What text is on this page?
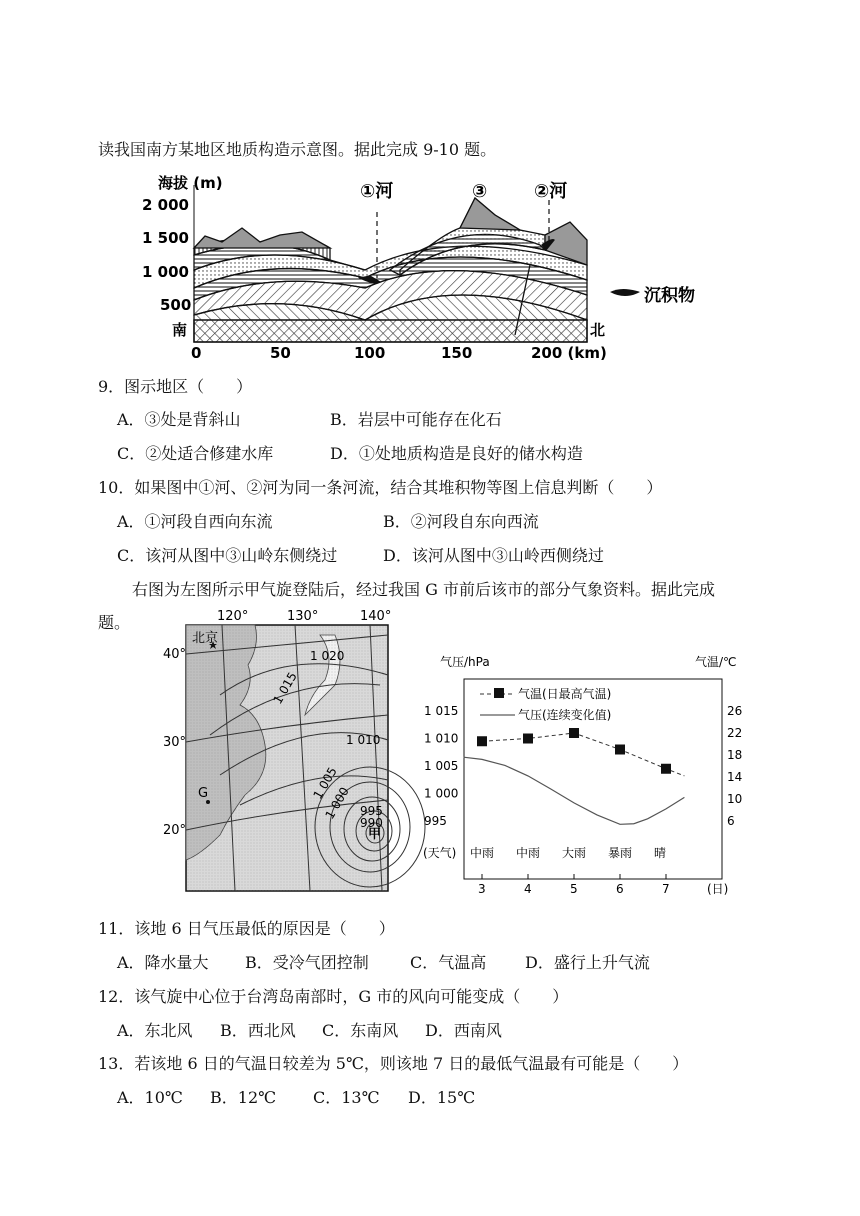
读我国南方某地区地质构造示意图。据此完成 9-10 题。
海拔 (m)
2 000
1 500
1 000
500
南	北
0	50	100	150	200 (km)
①河	③	②河
沉积物
9．图示地区（　　）
A．③处是背斜山	B．岩层中可能存在化石
C．②处适合修建水库	D．①处地质构造是良好的储水构造
10．如果图中①河、②河为同一条河流，结合其堆积物等图上信息判断（　　）
A．①河段自西向东流	B．②河段自东向西流
C．该河从图中③山岭东侧绕过	D．该河从图中③山岭西侧绕过
右图为左图所示甲气旋登陆后，经过我国 G 市前后该市的部分气象资料。据此完成
题。	120°	130°	140°
40°
30°
20°
1 020
1 015
1 010
1 005
1 000 995
990
甲
北京
G
气压/hPa	气温/℃
1 015
1 010
1 005
1 000
995
26
22
18
14
10
6
气温(日最高气温)
气压(连续变化值)
(天气) 中雨 中雨 大雨 暴雨 晴
3	4	5	6	7	(日)
11．该地 6 日气压最低的原因是（　　）
A．降水量大 B．受冷气团控制	C．气温高 D．盛行上升气流
12．该气旋中心位于台湾岛南部时，G 市的风向可能变成（　　）
A．东北风 B．西北风 C．东南风 D．西南风
13．若该地 6 日的气温日较差为 5℃，则该地 7 日的最低气温最有可能是（　　）
A．10℃ B．12℃ C．13℃ D．15℃
